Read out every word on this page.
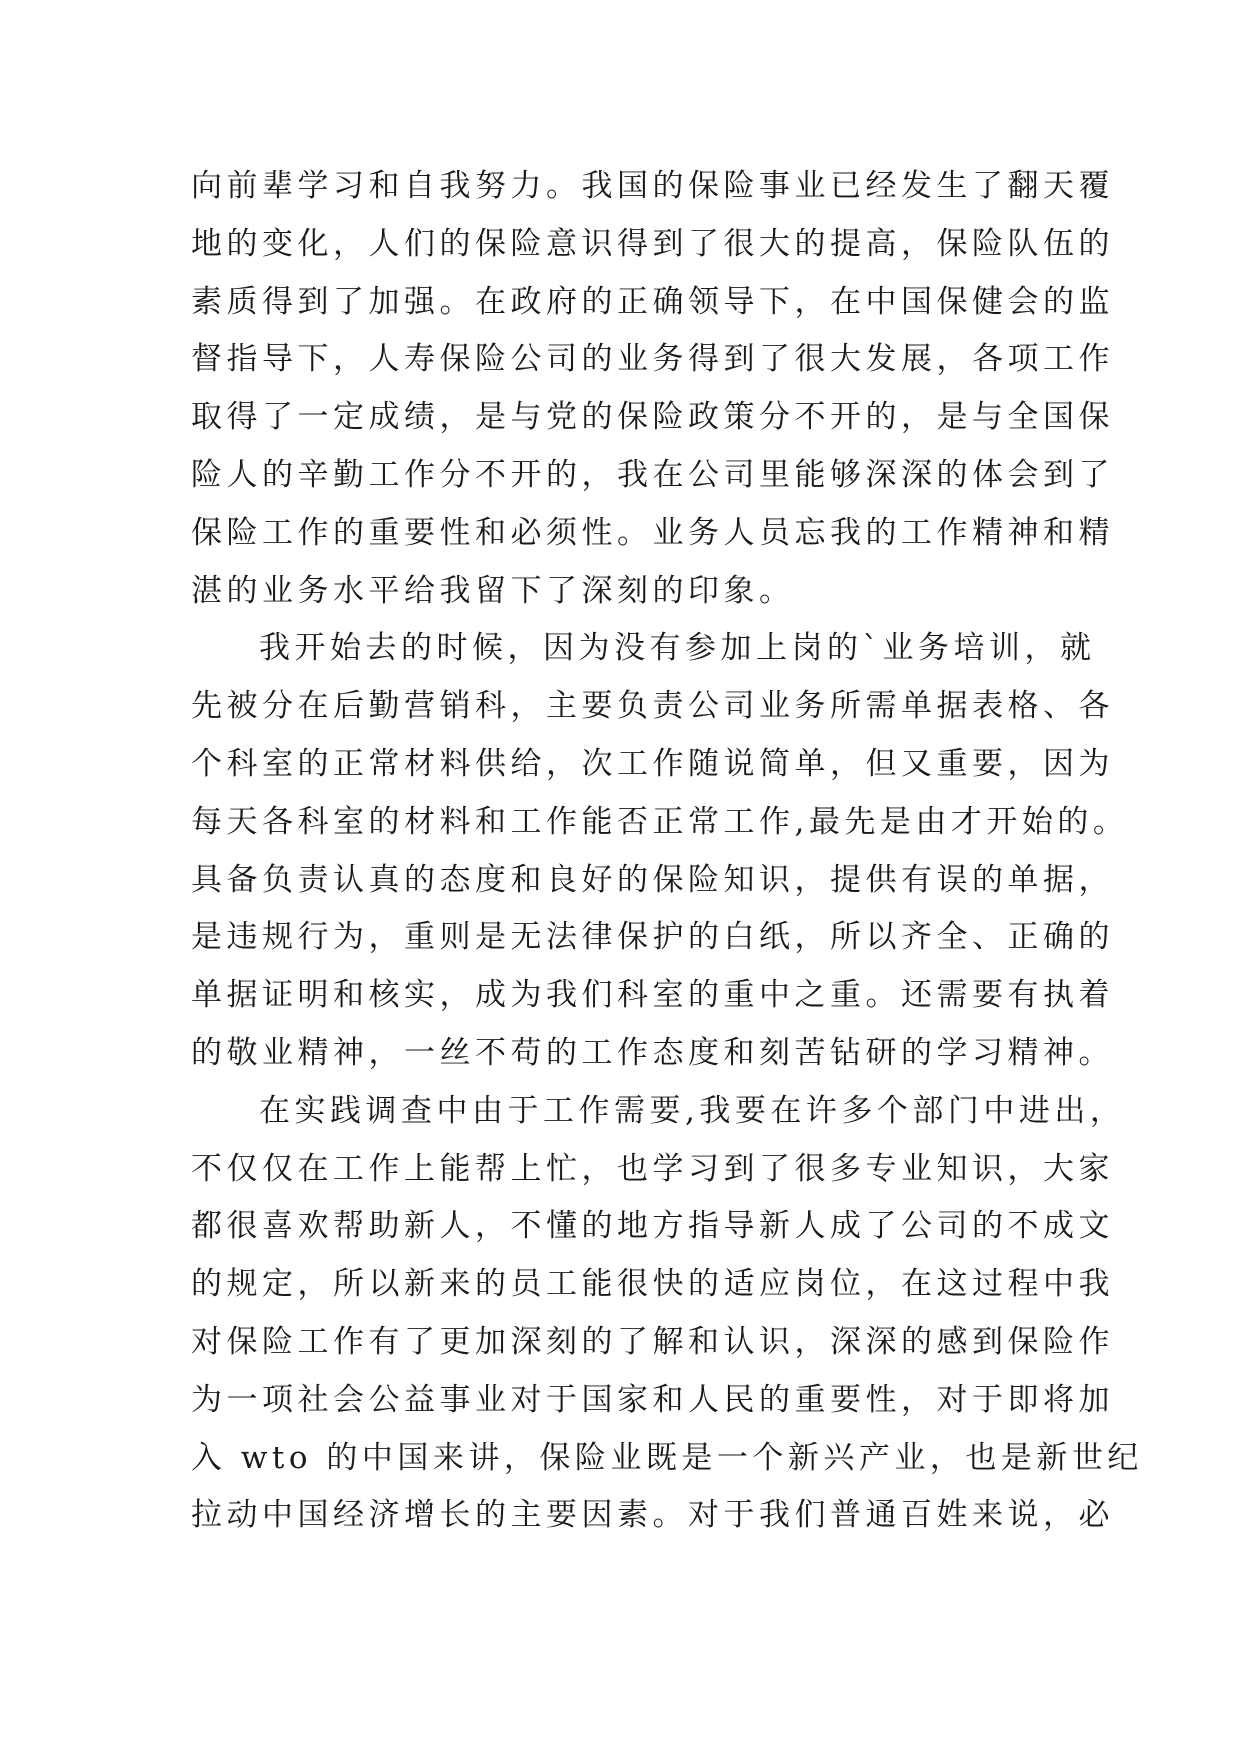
向前辈学习和自我努力。我国的保险事业已经发生了翻天覆
地的变化，人们的保险意识得到了很大的提高，保险队伍的
素质得到了加强。在政府的正确领导下，在中国保健会的监
督指导下，人寿保险公司的业务得到了很大发展，各项工作
取得了一定成绩，是与党的保险政策分不开的，是与全国保
险人的辛勤工作分不开的，我在公司里能够深深的体会到了
保险工作的重要性和必须性。业务人员忘我的工作精神和精
湛的业务水平给我留下了深刻的印象。
我开始去的时候，因为没有参加上岗的`业务培训，就
先被分在后勤营销科，主要负责公司业务所需单据表格、各
个科室的正常材料供给，次工作随说简单，但又重要，因为
每天各科室的材料和工作能否正常工作,最先是由才开始的。
具备负责认真的态度和良好的保险知识，提供有误的单据，
是违规行为，重则是无法律保护的白纸，所以齐全、正确的
单据证明和核实，成为我们科室的重中之重。还需要有执着
的敬业精神，一丝不苟的工作态度和刻苦钻研的学习精神。
在实践调查中由于工作需要,我要在许多个部门中进出，
不仅仅在工作上能帮上忙，也学习到了很多专业知识，大家
都很喜欢帮助新人，不懂的地方指导新人成了公司的不成文
的规定，所以新来的员工能很快的适应岗位，在这过程中我
对保险工作有了更加深刻的了解和认识，深深的感到保险作
为一项社会公益事业对于国家和人民的重要性，对于即将加
入 wto 的中国来讲，保险业既是一个新兴产业，也是新世纪
拉动中国经济增长的主要因素。对于我们普通百姓来说，必
